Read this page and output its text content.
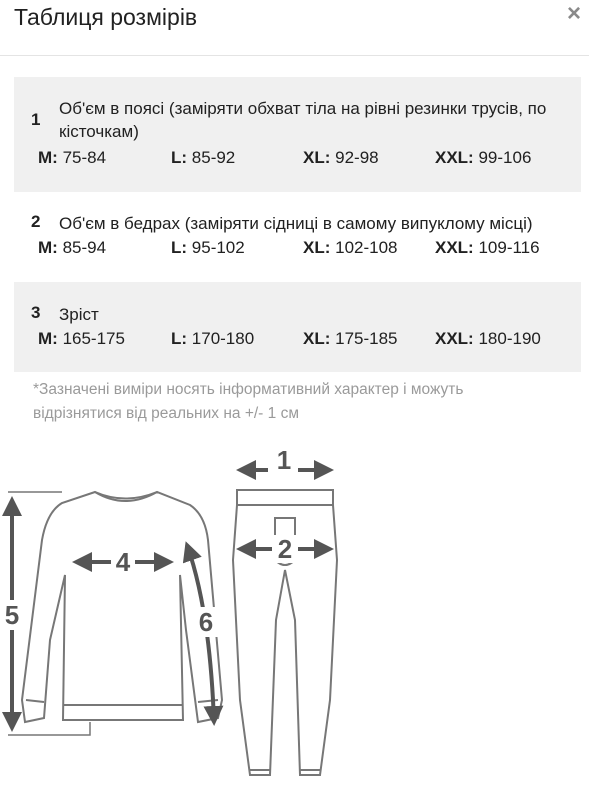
Таблиця розмірів	×
1
Об'єм в поясі (заміряти обхват тіла на рівні резинки трусів, по кісточкам)
M: 75-84	L: 85-92	XL: 92-98	XXL: 99-106
2 Об'єм в бедрах (заміряти сідниці в самому випуклому місці)
M: 85-94	L: 95-102	XL: 102-108 XXL: 109-116
3 Зріст
M: 165-175	L: 170-180	XL: 175-185 XXL: 180-190
*Зазначені виміри носять інформативний характер і можуть відрізнятися від реальних на +/- 1 см
1
2
4
5	6
